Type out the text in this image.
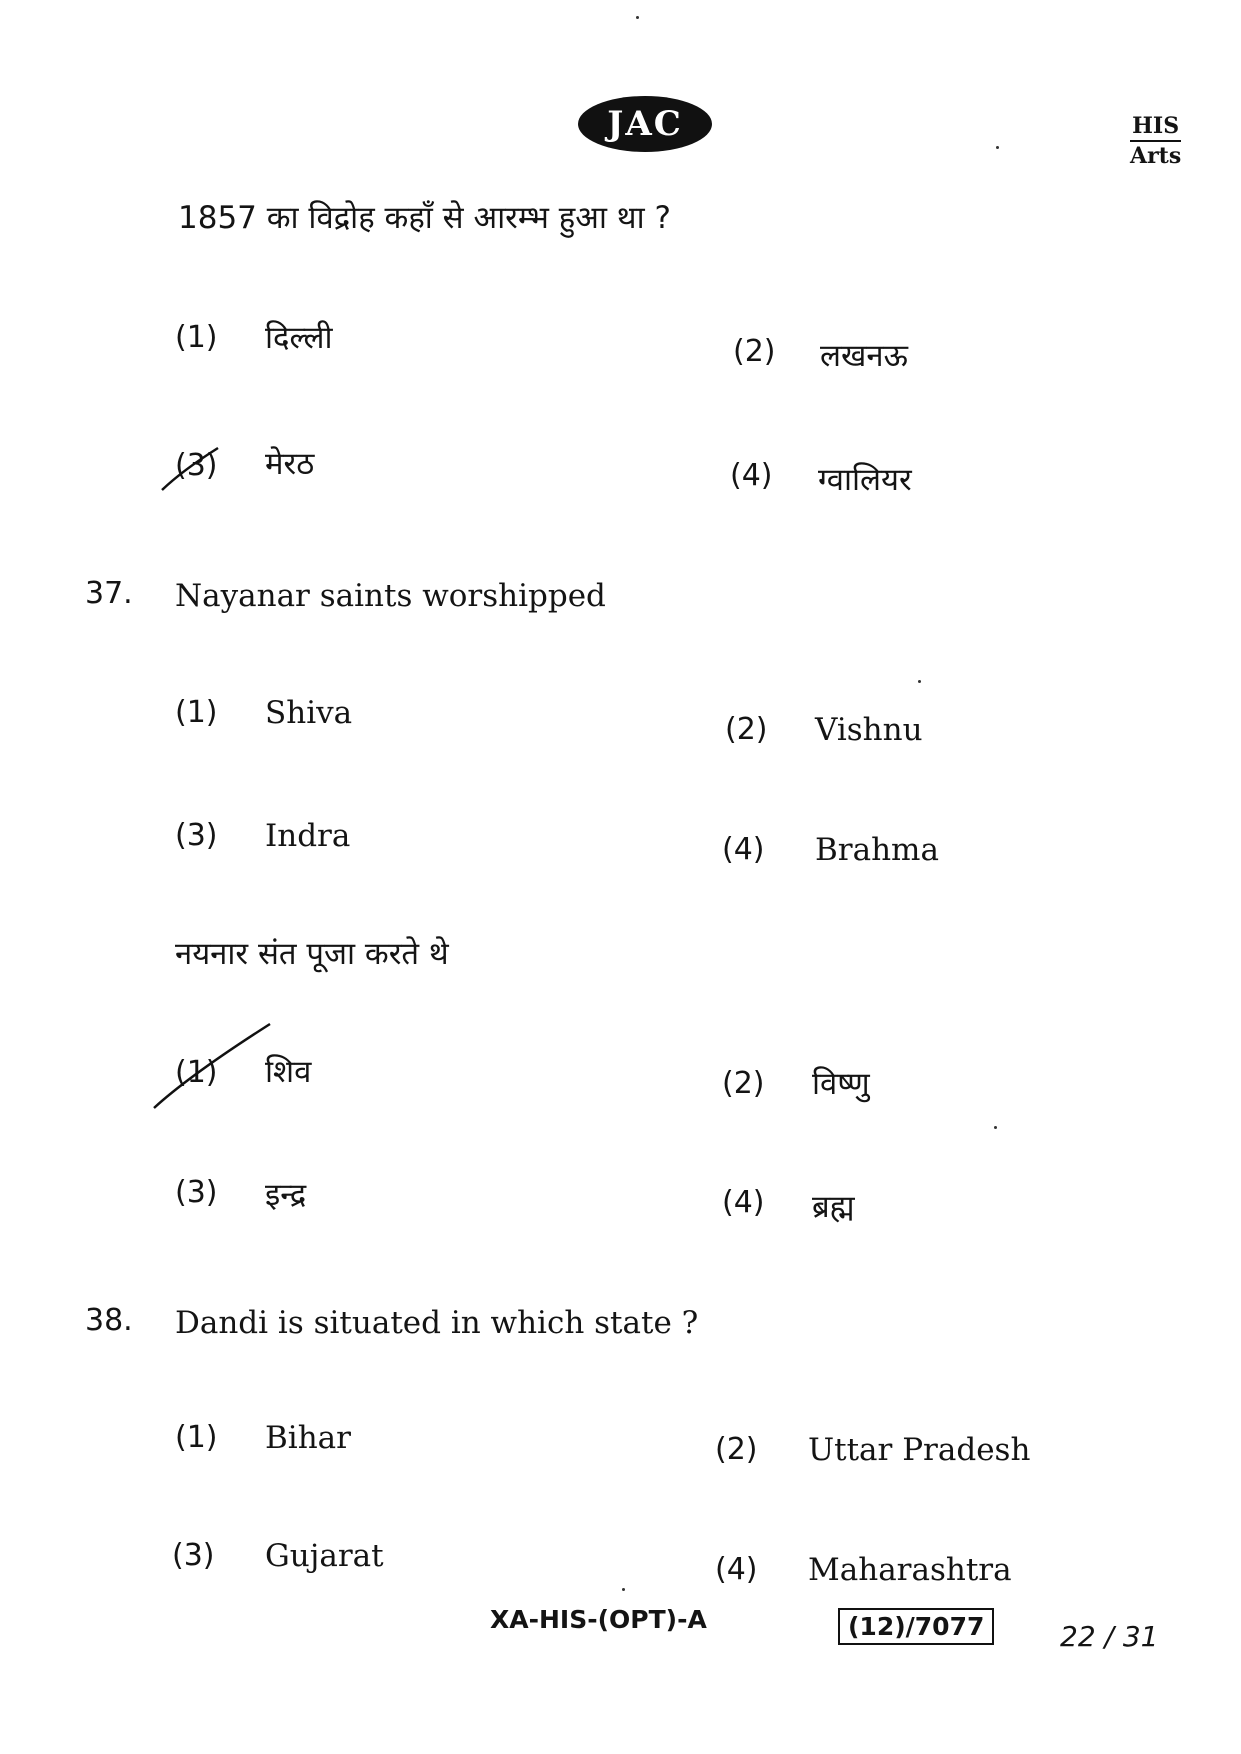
JAC	HIS
Arts
1857 का विद्रोह कहाँ से आरम्भ हुआ था ?
(1) दिल्ली	(2) लखनऊ
(3) मेरठ	(4) ग्वालियर
37. Nayanar saints worshipped
(1) Shiva	(2) Vishnu
(3) Indra	(4) Brahma
नयनार संत पूजा करते थे
(1) शिव	(2) विष्णु
(3) इन्द्र	(4) ब्रह्म
38. Dandi is situated in which state ?
(1) Bihar	(2) Uttar Pradesh
(3) Gujarat	(4) Maharashtra
XA-HIS-(OPT)-A	(12)/7077	22 / 31
